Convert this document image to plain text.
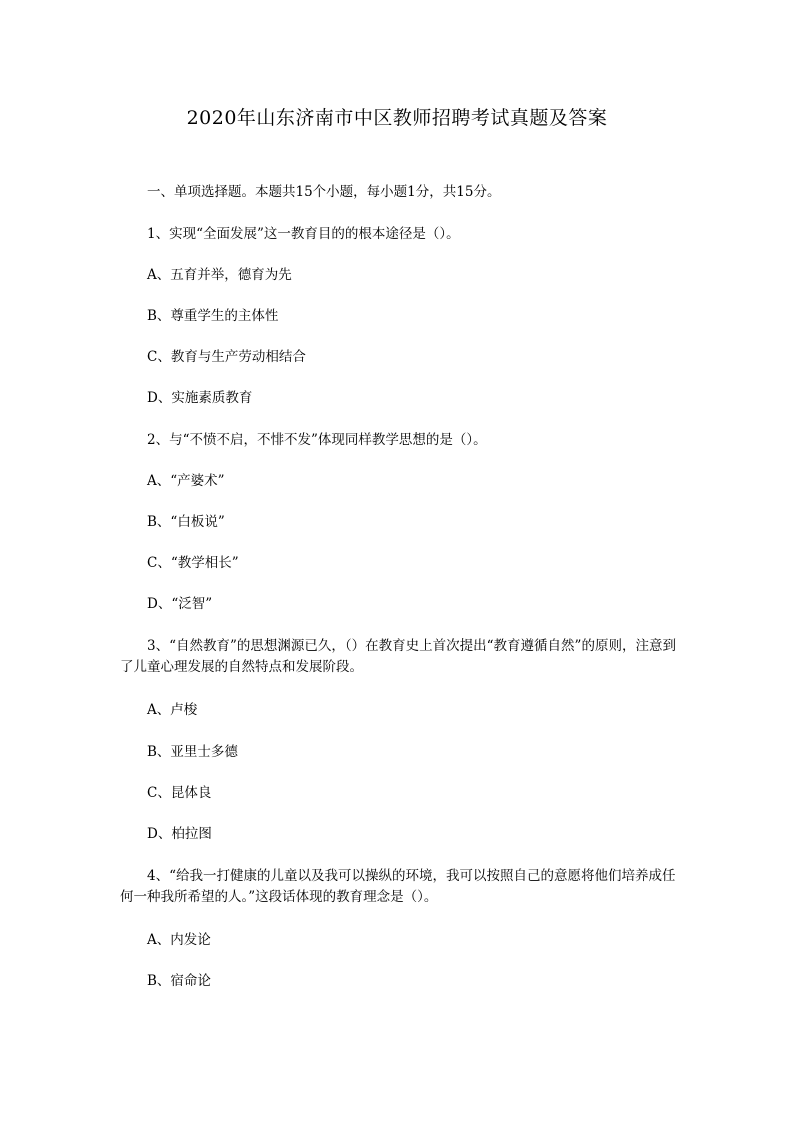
2020年山东济南市中区教师招聘考试真题及答案
一、单项选择题。本题共15个小题，每小题1分，共15分。
1、实现“全面发展”这一教育目的的根本途径是（）。
A、五育并举，德育为先
B、尊重学生的主体性
C、教育与生产劳动相结合
D、实施素质教育
2、与“不愤不启，不悱不发”体现同样教学思想的是（）。
A、“产婆术”
B、“白板说”
C、“教学相长”
D、“泛智”
3、“自然教育”的思想渊源已久，（）在教育史上首次提出“教育遵循自然”的原则，注意到了儿童心理发展的自然特点和发展阶段。
A、卢梭
B、亚里士多德
C、昆体良
D、柏拉图
4、“给我一打健康的儿童以及我可以操纵的环境，我可以按照自己的意愿将他们培养成任何一种我所希望的人。”这段话体现的教育理念是（）。
A、内发论
B、宿命论
